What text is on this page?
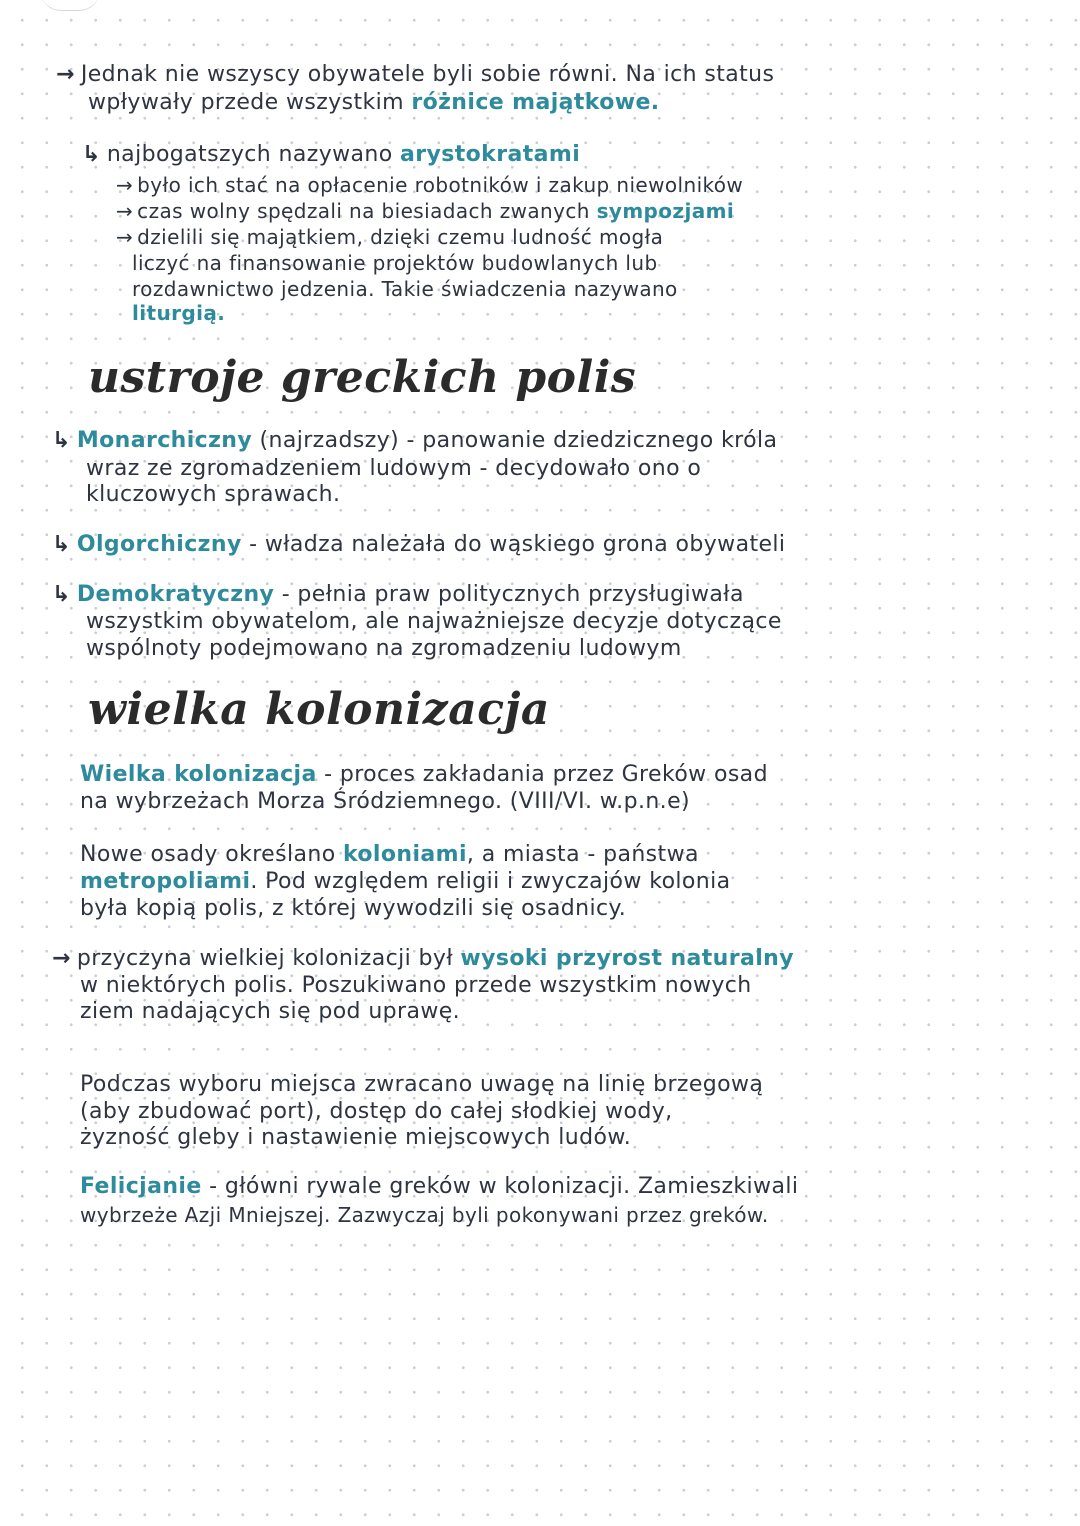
→ Jednak nie wszyscy obywatele byli sobie równi. Na ich status
wpływały przede wszystkim różnice majątkowe.
↳ najbogatszych nazywano arystokratami
→ było ich stać na opłacenie robotników i zakup niewolników
→ czas wolny spędzali na biesiadach zwanych sympozjami
→ dzielili się majątkiem, dzięki czemu ludność mogła
liczyć na finansowanie projektów budowlanych lub
rozdawnictwo jedzenia. Takie świadczenia nazywano
liturgią.
ustroje greckich polis
↳ Monarchiczny (najrzadszy) - panowanie dziedzicznego króla
wraz ze zgromadzeniem ludowym - decydowało ono o
kluczowych sprawach.
↳ Olgorchiczny - władza należała do wąskiego grona obywateli
↳ Demokratyczny - pełnia praw politycznych przysługiwała
wszystkim obywatelom, ale najważniejsze decyzje dotyczące
wspólnoty podejmowano na zgromadzeniu ludowym
wielka kolonizacja
Wielka kolonizacja - proces zakładania przez Greków osad
na wybrzeżach Morza Śródziemnego. (VIII/VI. w.p.n.e)
Nowe osady określano koloniami, a miasta - państwa
metropoliami. Pod względem religii i zwyczajów kolonia
była kopią polis, z której wywodzili się osadnicy.
→ przyczyna wielkiej kolonizacji był wysoki przyrost naturalny
w niektórych polis. Poszukiwano przede wszystkim nowych
ziem nadających się pod uprawę.
Podczas wyboru miejsca zwracano uwagę na linię brzegową
(aby zbudować port), dostęp do całej słodkiej wody,
żyzność gleby i nastawienie miejscowych ludów.
Felicjanie - główni rywale greków w kolonizacji. Zamieszkiwali
wybrzeże Azji Mniejszej. Zazwyczaj byli pokonywani przez greków.
